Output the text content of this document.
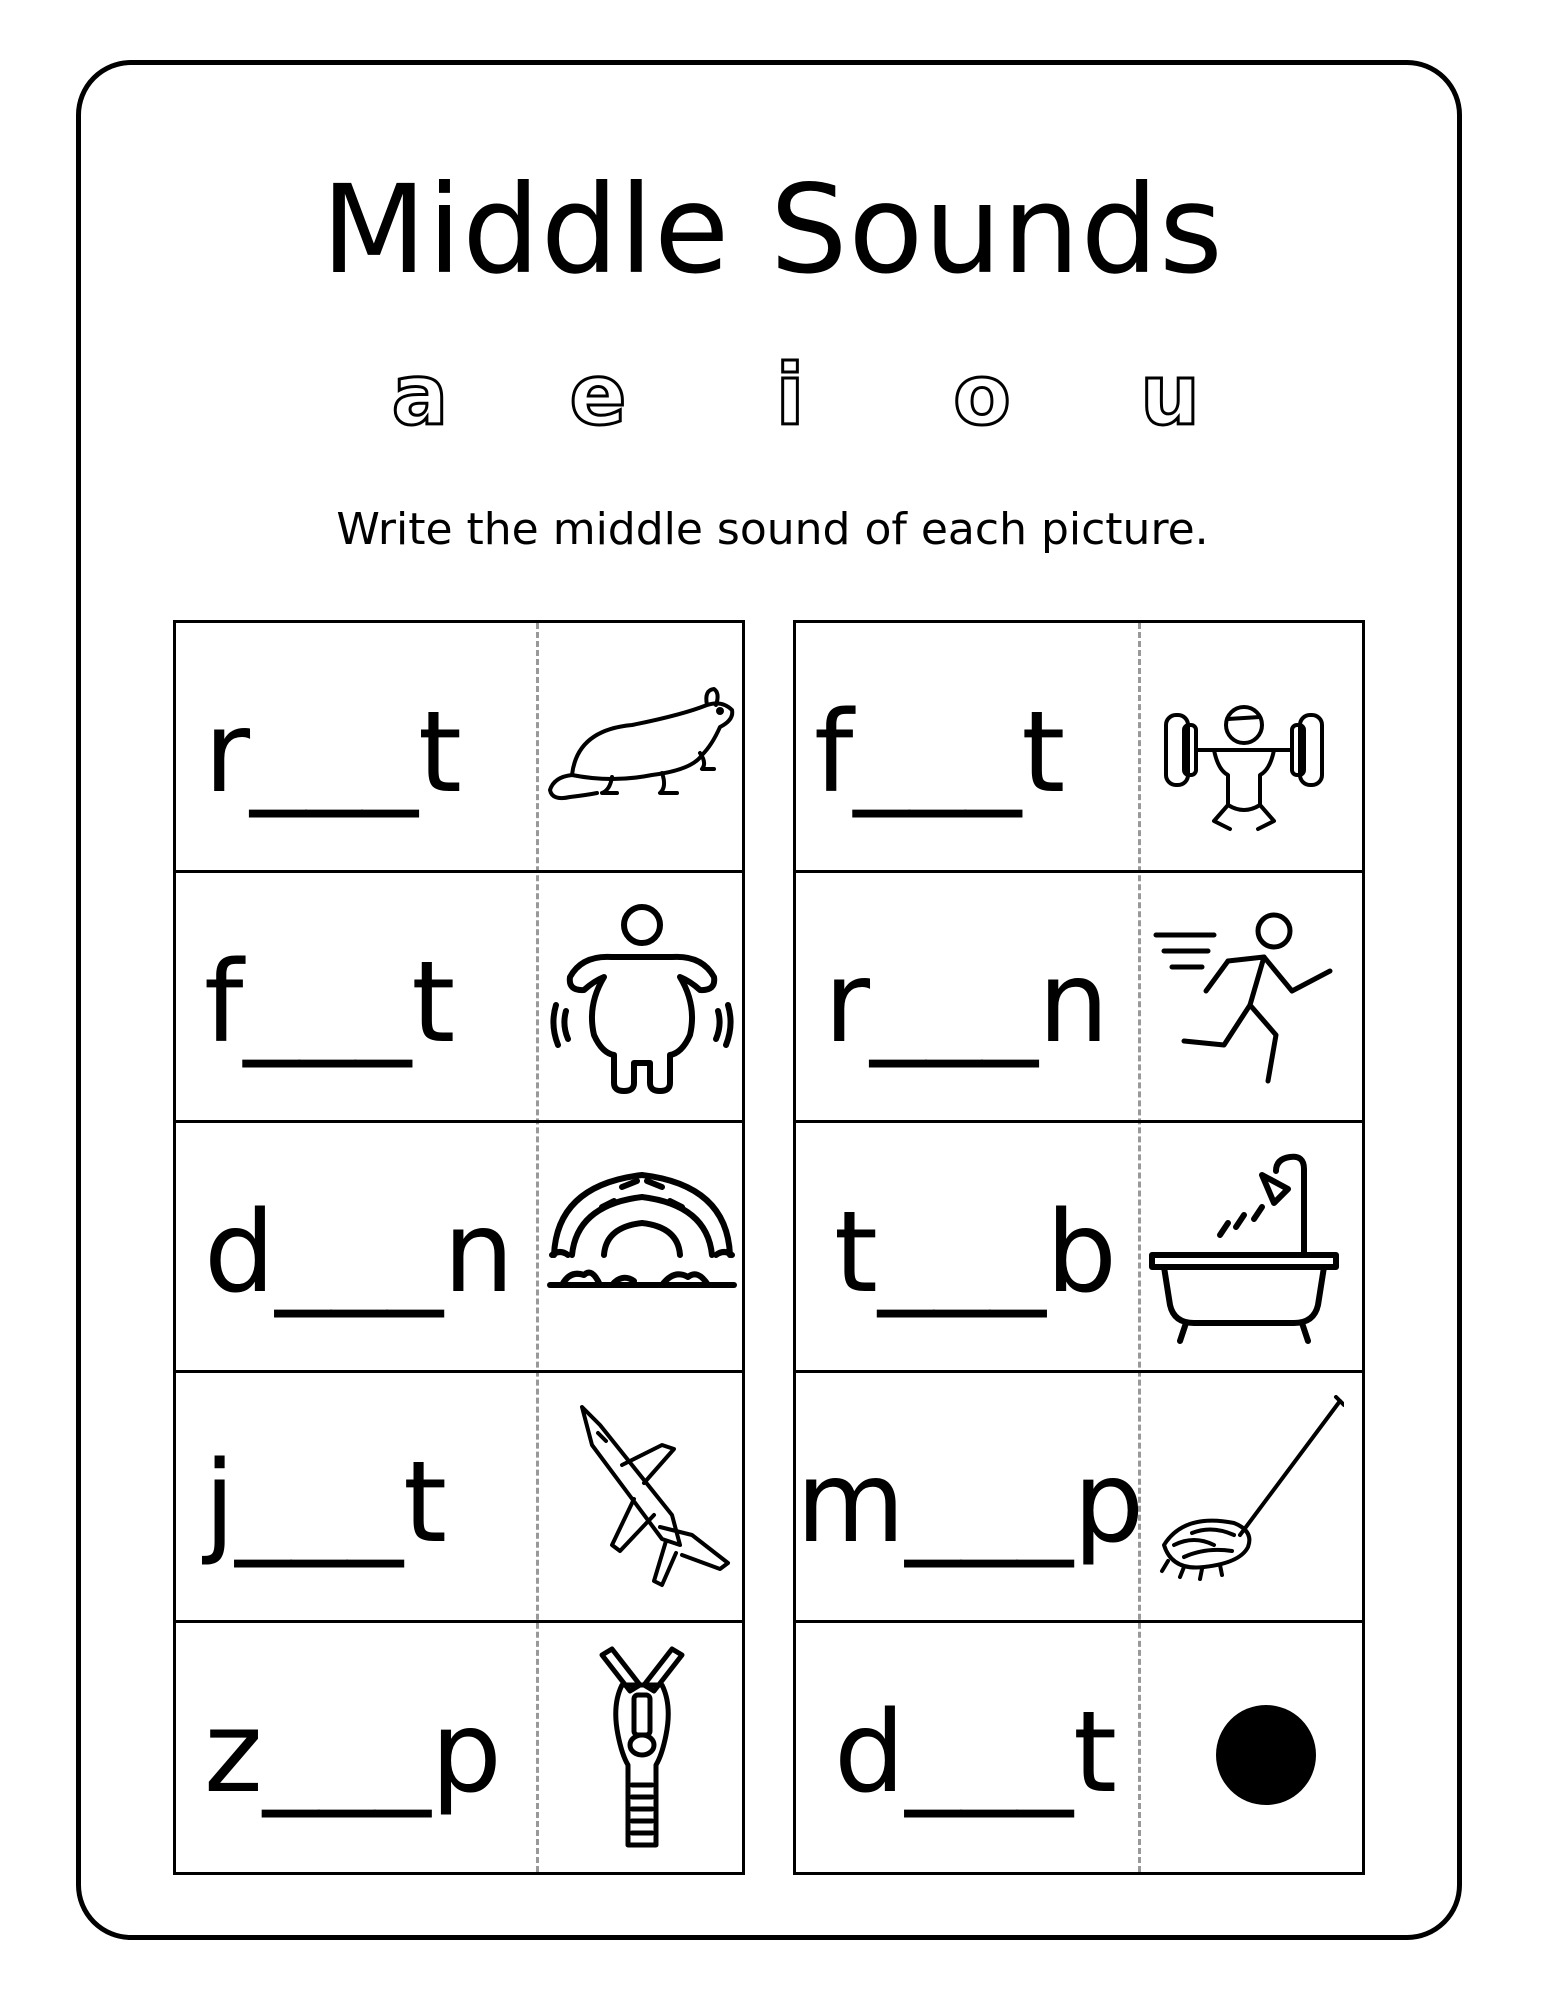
Middle Sounds
a e	i	o u
Write the middle sound of each picture.
r___t
f___t
d___n
j___t
z___p
f___t
r___n
t___b
m___p
d___t
